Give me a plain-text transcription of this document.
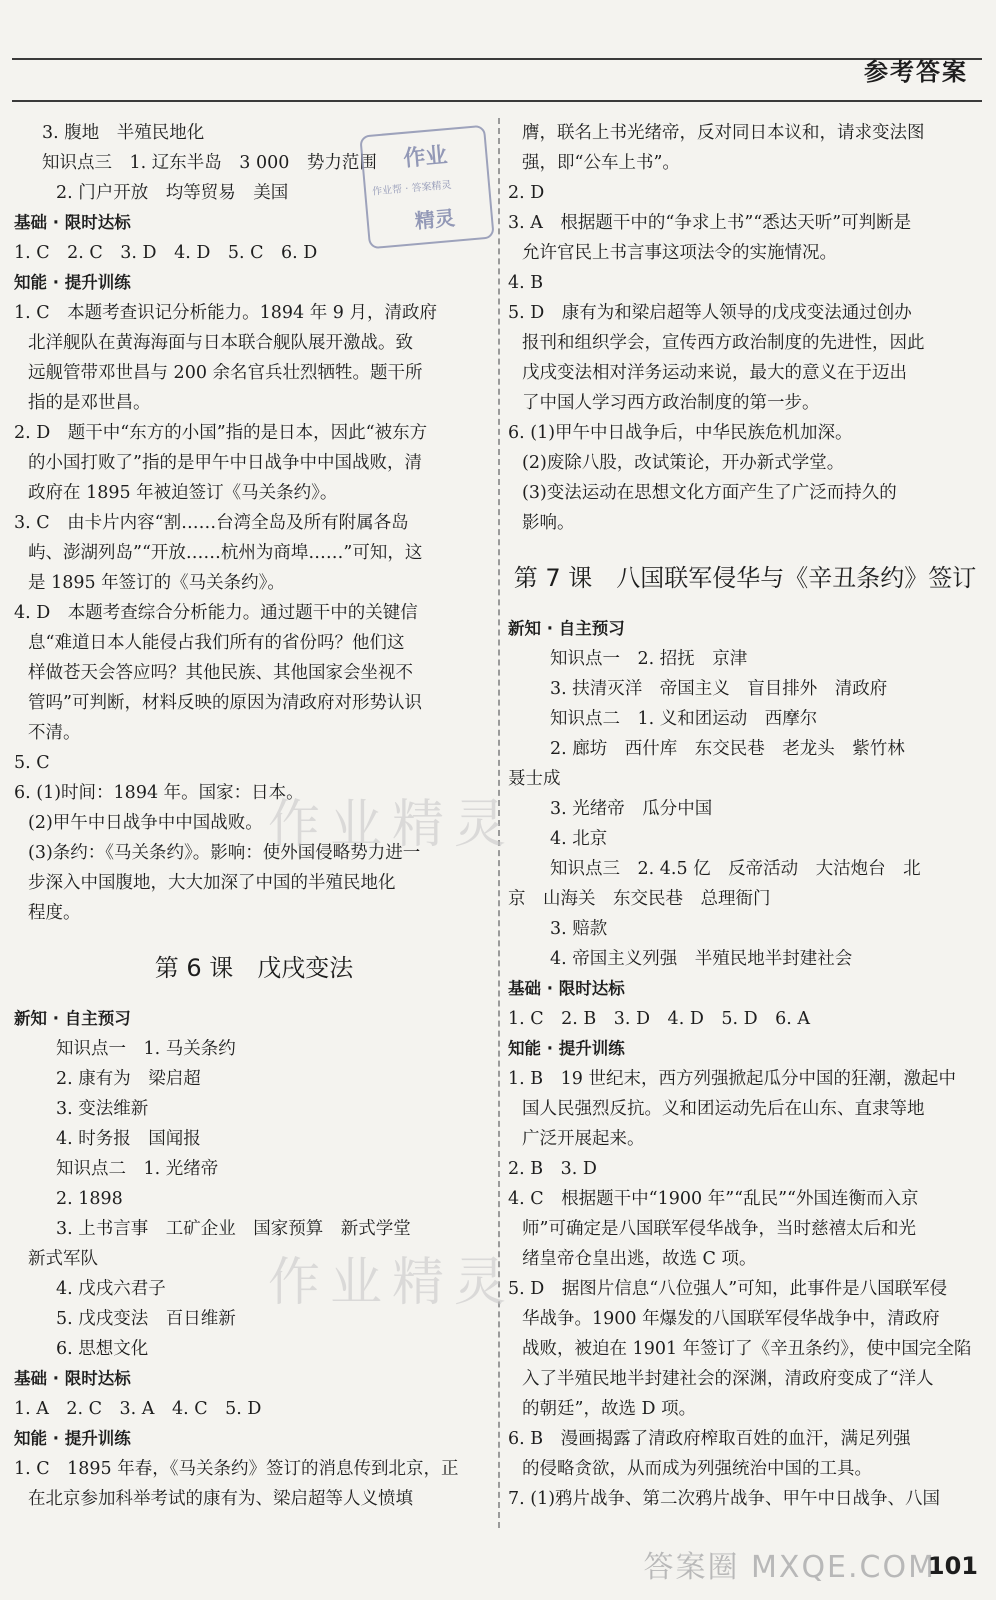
参考答案
3. 腹地　半殖民地化
知识点三　1. 辽东半岛　3 000　势力范围
2. 门户开放　均等贸易　美国
基础 · 限时达标
1. C　2. C　3. D　4. D　5. C　6. D
知能 · 提升训练
1. C　本题考查识记分析能力。1894 年 9 月，清政府
北洋舰队在黄海海面与日本联合舰队展开激战。致
远舰管带邓世昌与 200 余名官兵壮烈牺牲。题干所
指的是邓世昌。
2. D　题干中“东方的小国”指的是日本，因此“被东方
的小国打败了”指的是甲午中日战争中中国战败，清
政府在 1895 年被迫签订《马关条约》。
3. C　由卡片内容“割……台湾全岛及所有附属各岛
屿、澎湖列岛”“开放……杭州为商埠……”可知，这
是 1895 年签订的《马关条约》。
4. D　本题考查综合分析能力。通过题干中的关键信
息“难道日本人能侵占我们所有的省份吗？他们这
样做苍天会答应吗？其他民族、其他国家会坐视不
管吗”可判断，材料反映的原因为清政府对形势认识
不清。
5. C
6. (1)时间：1894 年。国家：日本。
(2)甲午中日战争中中国战败。
(3)条约：《马关条约》。影响：使外国侵略势力进一
步深入中国腹地，大大加深了中国的半殖民地化
程度。
第 6 课　戊戌变法
新知 · 自主预习
知识点一　1. 马关条约
2. 康有为　梁启超
3. 变法维新
4. 时务报　国闻报
知识点二　1. 光绪帝
2. 1898
3. 上书言事　工矿企业　国家预算　新式学堂
新式军队
4. 戊戌六君子
5. 戊戌变法　百日维新
6. 思想文化
基础 · 限时达标
1. A　2. C　3. A　4. C　5. D
知能 · 提升训练
1. C　1895 年春，《马关条约》签订的消息传到北京，正
在北京参加科举考试的康有为、梁启超等人义愤填
膺，联名上书光绪帝，反对同日本议和，请求变法图
强，即“公车上书”。
2. D
3. A　根据题干中的“争求上书”“悉达天听”可判断是
允许官民上书言事这项法令的实施情况。
4. B
5. D　康有为和梁启超等人领导的戊戌变法通过创办
报刊和组织学会，宣传西方政治制度的先进性，因此
戊戌变法相对洋务运动来说，最大的意义在于迈出
了中国人学习西方政治制度的第一步。
6. (1)甲午中日战争后，中华民族危机加深。
(2)废除八股，改试策论，开办新式学堂。
(3)变法运动在思想文化方面产生了广泛而持久的
影响。
第 7 课　八国联军侵华与《辛丑条约》签订
新知 · 自主预习
知识点一　2. 招抚　京津
3. 扶清灭洋　帝国主义　盲目排外　清政府
知识点二　1. 义和团运动　西摩尔
2. 廊坊　西什库　东交民巷　老龙头　紫竹林
聂士成
3. 光绪帝　瓜分中国
4. 北京
知识点三　2. 4.5 亿　反帝活动　大沽炮台　北
京　山海关　东交民巷　总理衙门
3. 赔款
4. 帝国主义列强　半殖民地半封建社会
基础 · 限时达标
1. C　2. B　3. D　4. D　5. D　6. A
知能 · 提升训练
1. B　19 世纪末，西方列强掀起瓜分中国的狂潮，激起中
国人民强烈反抗。义和团运动先后在山东、直隶等地
广泛开展起来。
2. B　3. D
4. C　根据题干中“1900 年”“乱民”“外国连衡而入京
师”可确定是八国联军侵华战争，当时慈禧太后和光
绪皇帝仓皇出逃，故选 C 项。
5. D　据图片信息“八位强人”可知，此事件是八国联军侵
华战争。1900 年爆发的八国联军侵华战争中，清政府
战败，被迫在 1901 年签订了《辛丑条约》，使中国完全陷
入了半殖民地半封建社会的深渊，清政府变成了“洋人
的朝廷”，故选 D 项。
6. B　漫画揭露了清政府榨取百姓的血汗，满足列强
的侵略贪欲，从而成为列强统治中国的工具。
7. (1)鸦片战争、第二次鸦片战争、甲午中日战争、八国
作业
作业帮 · 答案精灵
精灵
作业精灵
作业精灵
答案圈 MXQE.COM
101
